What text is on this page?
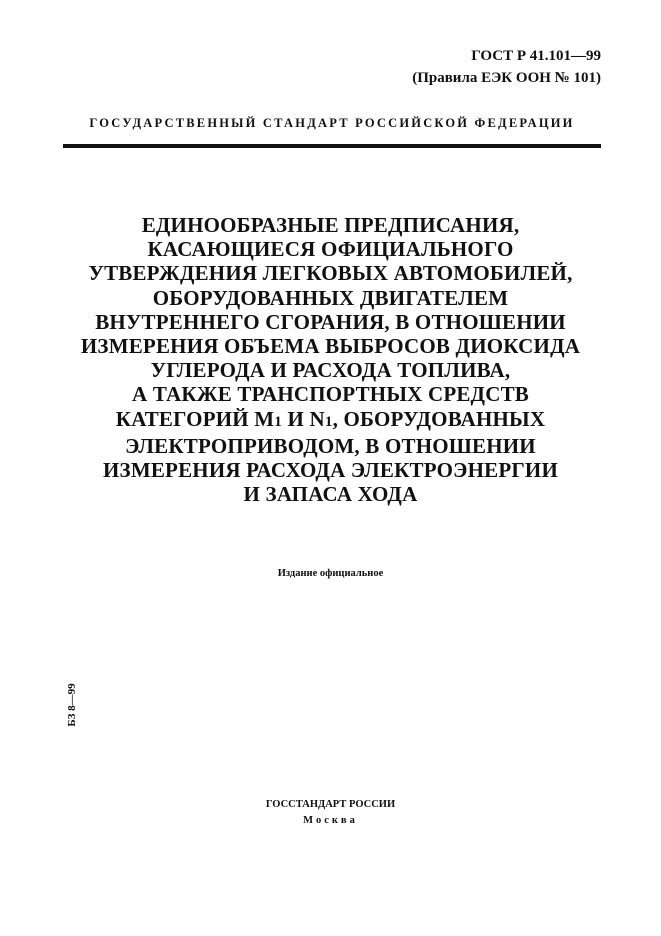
ГОСТ Р 41.101—99
(Правила ЕЭК ООН № 101)
ГОСУДАРСТВЕННЫЙ СТАНДАРТ РОССИЙСКОЙ ФЕДЕРАЦИИ
ЕДИНООБРАЗНЫЕ ПРЕДПИСАНИЯ,
КАСАЮЩИЕСЯ ОФИЦИАЛЬНОГО
УТВЕРЖДЕНИЯ ЛЕГКОВЫХ АВТОМОБИЛЕЙ,
ОБОРУДОВАННЫХ ДВИГАТЕЛЕМ
ВНУТРЕННЕГО СГОРАНИЯ, В ОТНОШЕНИИ
ИЗМЕРЕНИЯ ОБЪЕМА ВЫБРОСОВ ДИОКСИДА
УГЛЕРОДА И РАСХОДА ТОПЛИВА,
А ТАКЖЕ ТРАНСПОРТНЫХ СРЕДСТВ
КАТЕГОРИЙ M1 И N1, ОБОРУДОВАННЫХ
ЭЛЕКТРОПРИВОДОМ, В ОТНОШЕНИИ
ИЗМЕРЕНИЯ РАСХОДА ЭЛЕКТРОЭНЕРГИИ
И ЗАПАСА ХОДА
Издание официальное
БЗ 8—99
ГОССТАНДАРТ РОССИИ
Москва
